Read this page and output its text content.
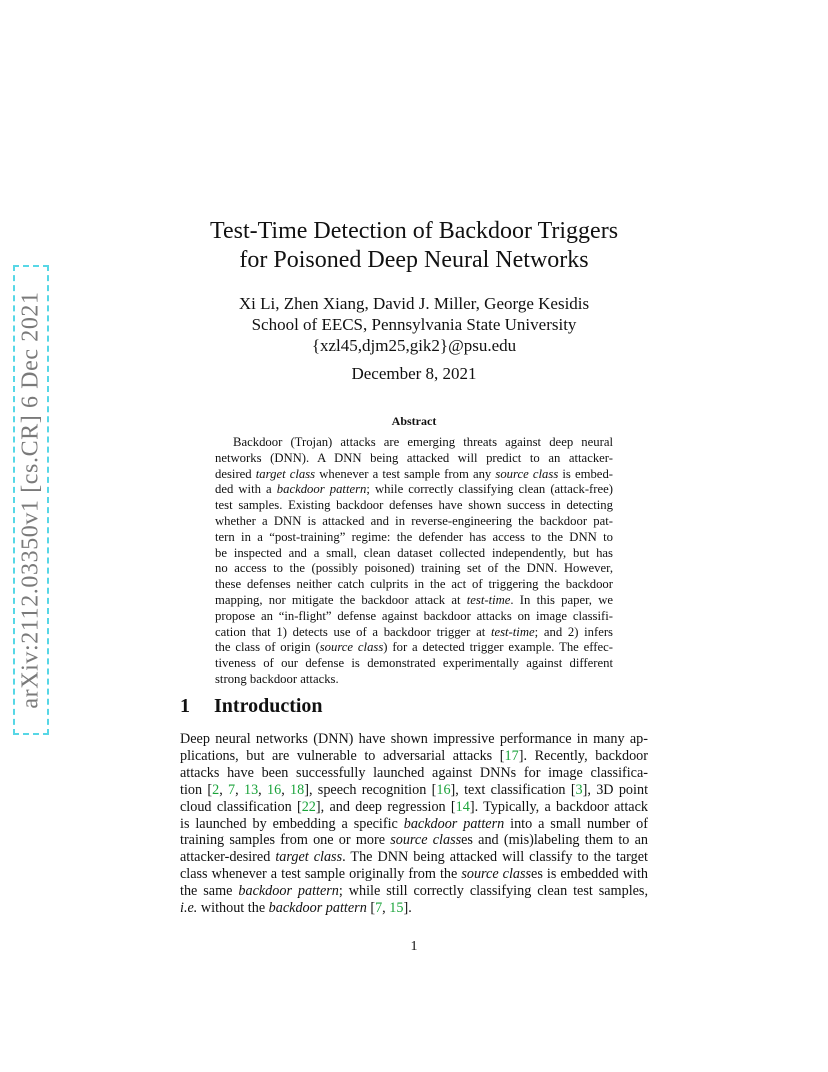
arXiv:2112.03350v1 [cs.CR] 6 Dec 2021
Test-Time Detection of Backdoor Triggers
for Poisoned Deep Neural Networks
Xi Li, Zhen Xiang, David J. Miller, George Kesidis
School of EECS, Pennsylvania State University
{xzl45,djm25,gik2}@psu.edu
December 8, 2021
Abstract
Backdoor (Trojan) attacks are emerging threats against deep neural
networks (DNN). A DNN being attacked will predict to an attacker-
desired target class whenever a test sample from any source class is embed-
ded with a backdoor pattern; while correctly classifying clean (attack-free)
test samples. Existing backdoor defenses have shown success in detecting
whether a DNN is attacked and in reverse-engineering the backdoor pat-
tern in a “post-training” regime: the defender has access to the DNN to
be inspected and a small, clean dataset collected independently, but has
no access to the (possibly poisoned) training set of the DNN. However,
these defenses neither catch culprits in the act of triggering the backdoor
mapping, nor mitigate the backdoor attack at test-time. In this paper, we
propose an “in-flight” defense against backdoor attacks on image classifi-
cation that 1) detects use of a backdoor trigger at test-time; and 2) infers
the class of origin (source class) for a detected trigger example. The effec-
tiveness of our defense is demonstrated experimentally against different
strong backdoor attacks.
1 Introduction
Deep neural networks (DNN) have shown impressive performance in many ap-
plications, but are vulnerable to adversarial attacks [17]. Recently, backdoor
attacks have been successfully launched against DNNs for image classifica-
tion [2, 7, 13, 16, 18], speech recognition [16], text classification [3], 3D point
cloud classification [22], and deep regression [14]. Typically, a backdoor attack
is launched by embedding a specific backdoor pattern into a small number of
training samples from one or more source classes and (mis)labeling them to an
attacker-desired target class. The DNN being attacked will classify to the target
class whenever a test sample originally from the source classes is embedded with
the same backdoor pattern; while still correctly classifying clean test samples,
i.e. without the backdoor pattern [7, 15].
1
